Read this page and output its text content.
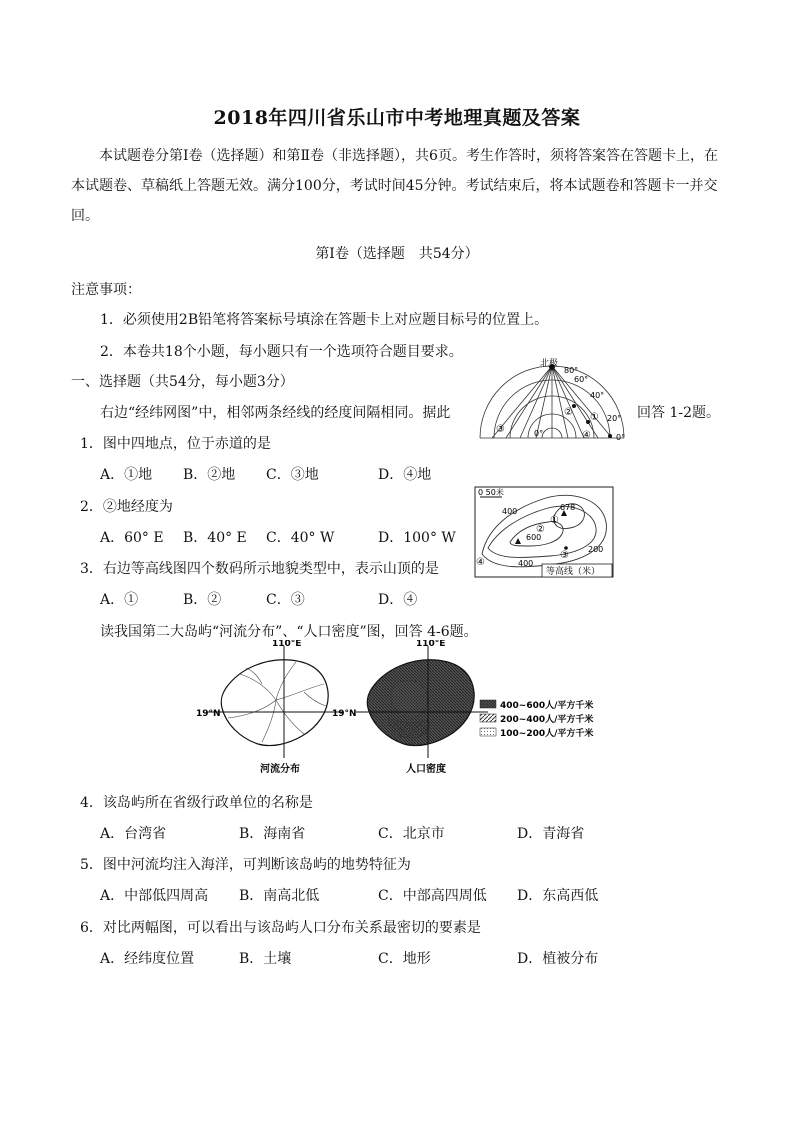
2018年四川省乐山市中考地理真题及答案
本试题卷分第Ⅰ卷（选择题）和第Ⅱ卷（非选择题），共6页。考生作答时，须将答案答在答题卡上，在本试题卷、草稿纸上答题无效。满分100分，考试时间45分钟。考试结束后，将本试题卷和答题卡一并交回。
第Ⅰ卷（选择题　共54分）
注意事项：
1．必须使用2B铅笔将答案标号填涂在答题卡上对应题目标号的位置上。
2．本卷共18个小题，每小题只有一个选项符合题目要求。
一、选择题（共54分，每小题3分）
右边“经纬网图”中，相邻两条经线的经度间隔相同。据此	回答 1-2题。
1．图中四地点，位于赤道的是
A．①地 B．②地 C．③地	D．④地
2．②地经度为
A．60° E B．40° E C．40° W	D．100° W
3．右边等高线图四个数码所示地貌类型中，表示山顶的是
A．①	B．②	C．③	D．④
读我国第二大岛屿“河流分布”、“人口密度”图，回答 4-6题。
4．该岛屿所在省级行政单位的名称是
A．台湾省	B．海南省	C．北京市	D．青海省
5．图中河流均注入海洋，可判断该岛屿的地势特征为
A．中部低四周高 B．南高北低	C．中部高四周低 D．东高西低
6．对比两幅图，可以看出与该岛屿人口分布关系最密切的要素是
A．经纬度位置	B．土壤	C．地形	D．植被分布
北极
80°
60°
40°
20°
0°
0°
①
②
③
④
0 50米
678
400
600
400
200
①
②
③
④
等高线（米）
110°E
19°N
河流分布
110°E
19°N
人口密度
400~600人/平方千米
200~400人/平方千米
100~200人/平方千米
